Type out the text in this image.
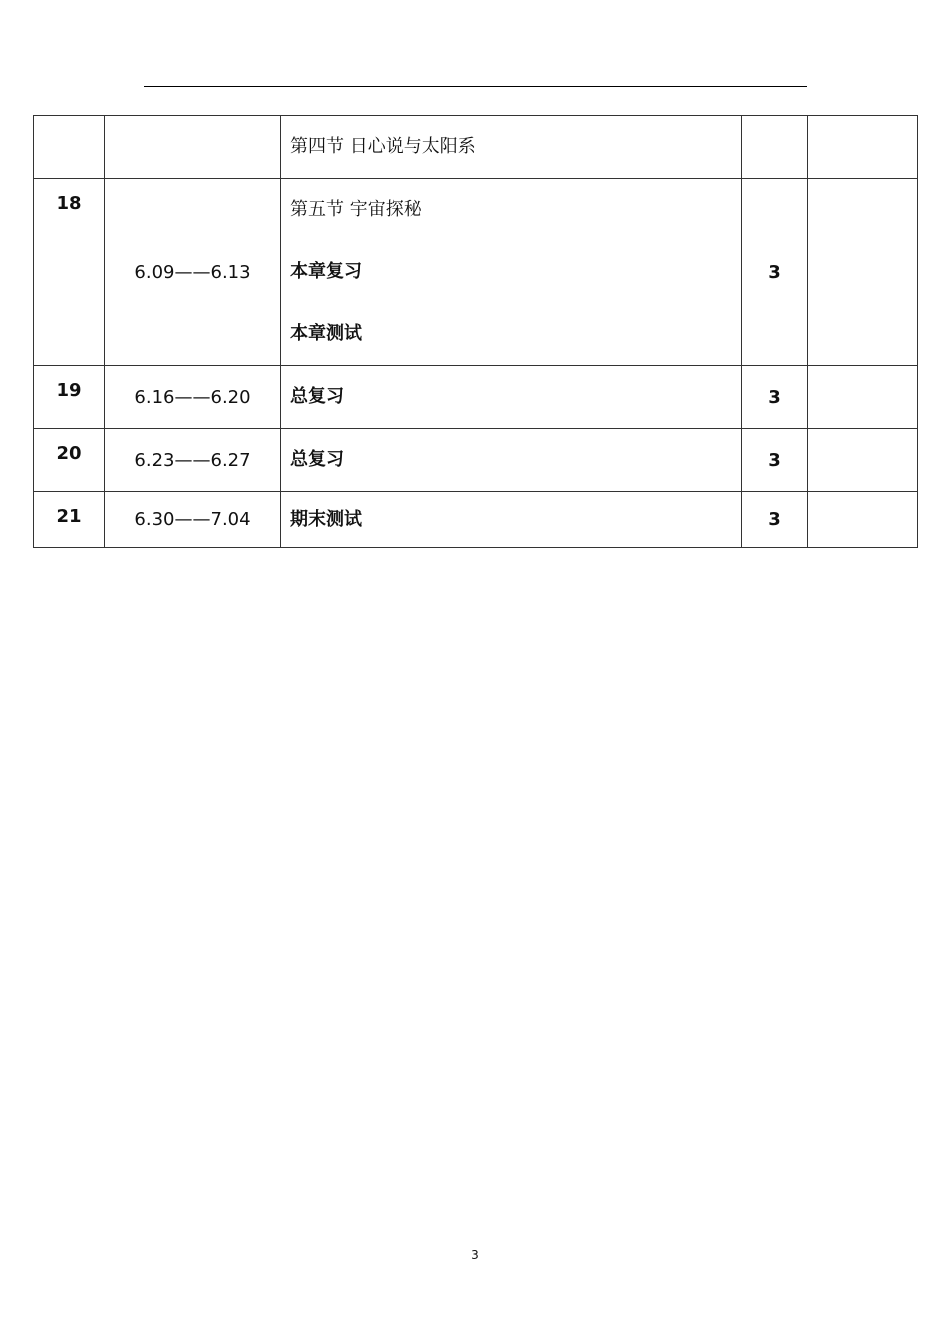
		第四节 日心说与太阳系		

18	6.09——6.13	第五节 宇宙探秘
本章复习
本章测试	3	
19	6.16——6.20	总复习	3	
20	6.23——6.27	总复习	3	
21	6.30——7.04	期末测试	3	
3
